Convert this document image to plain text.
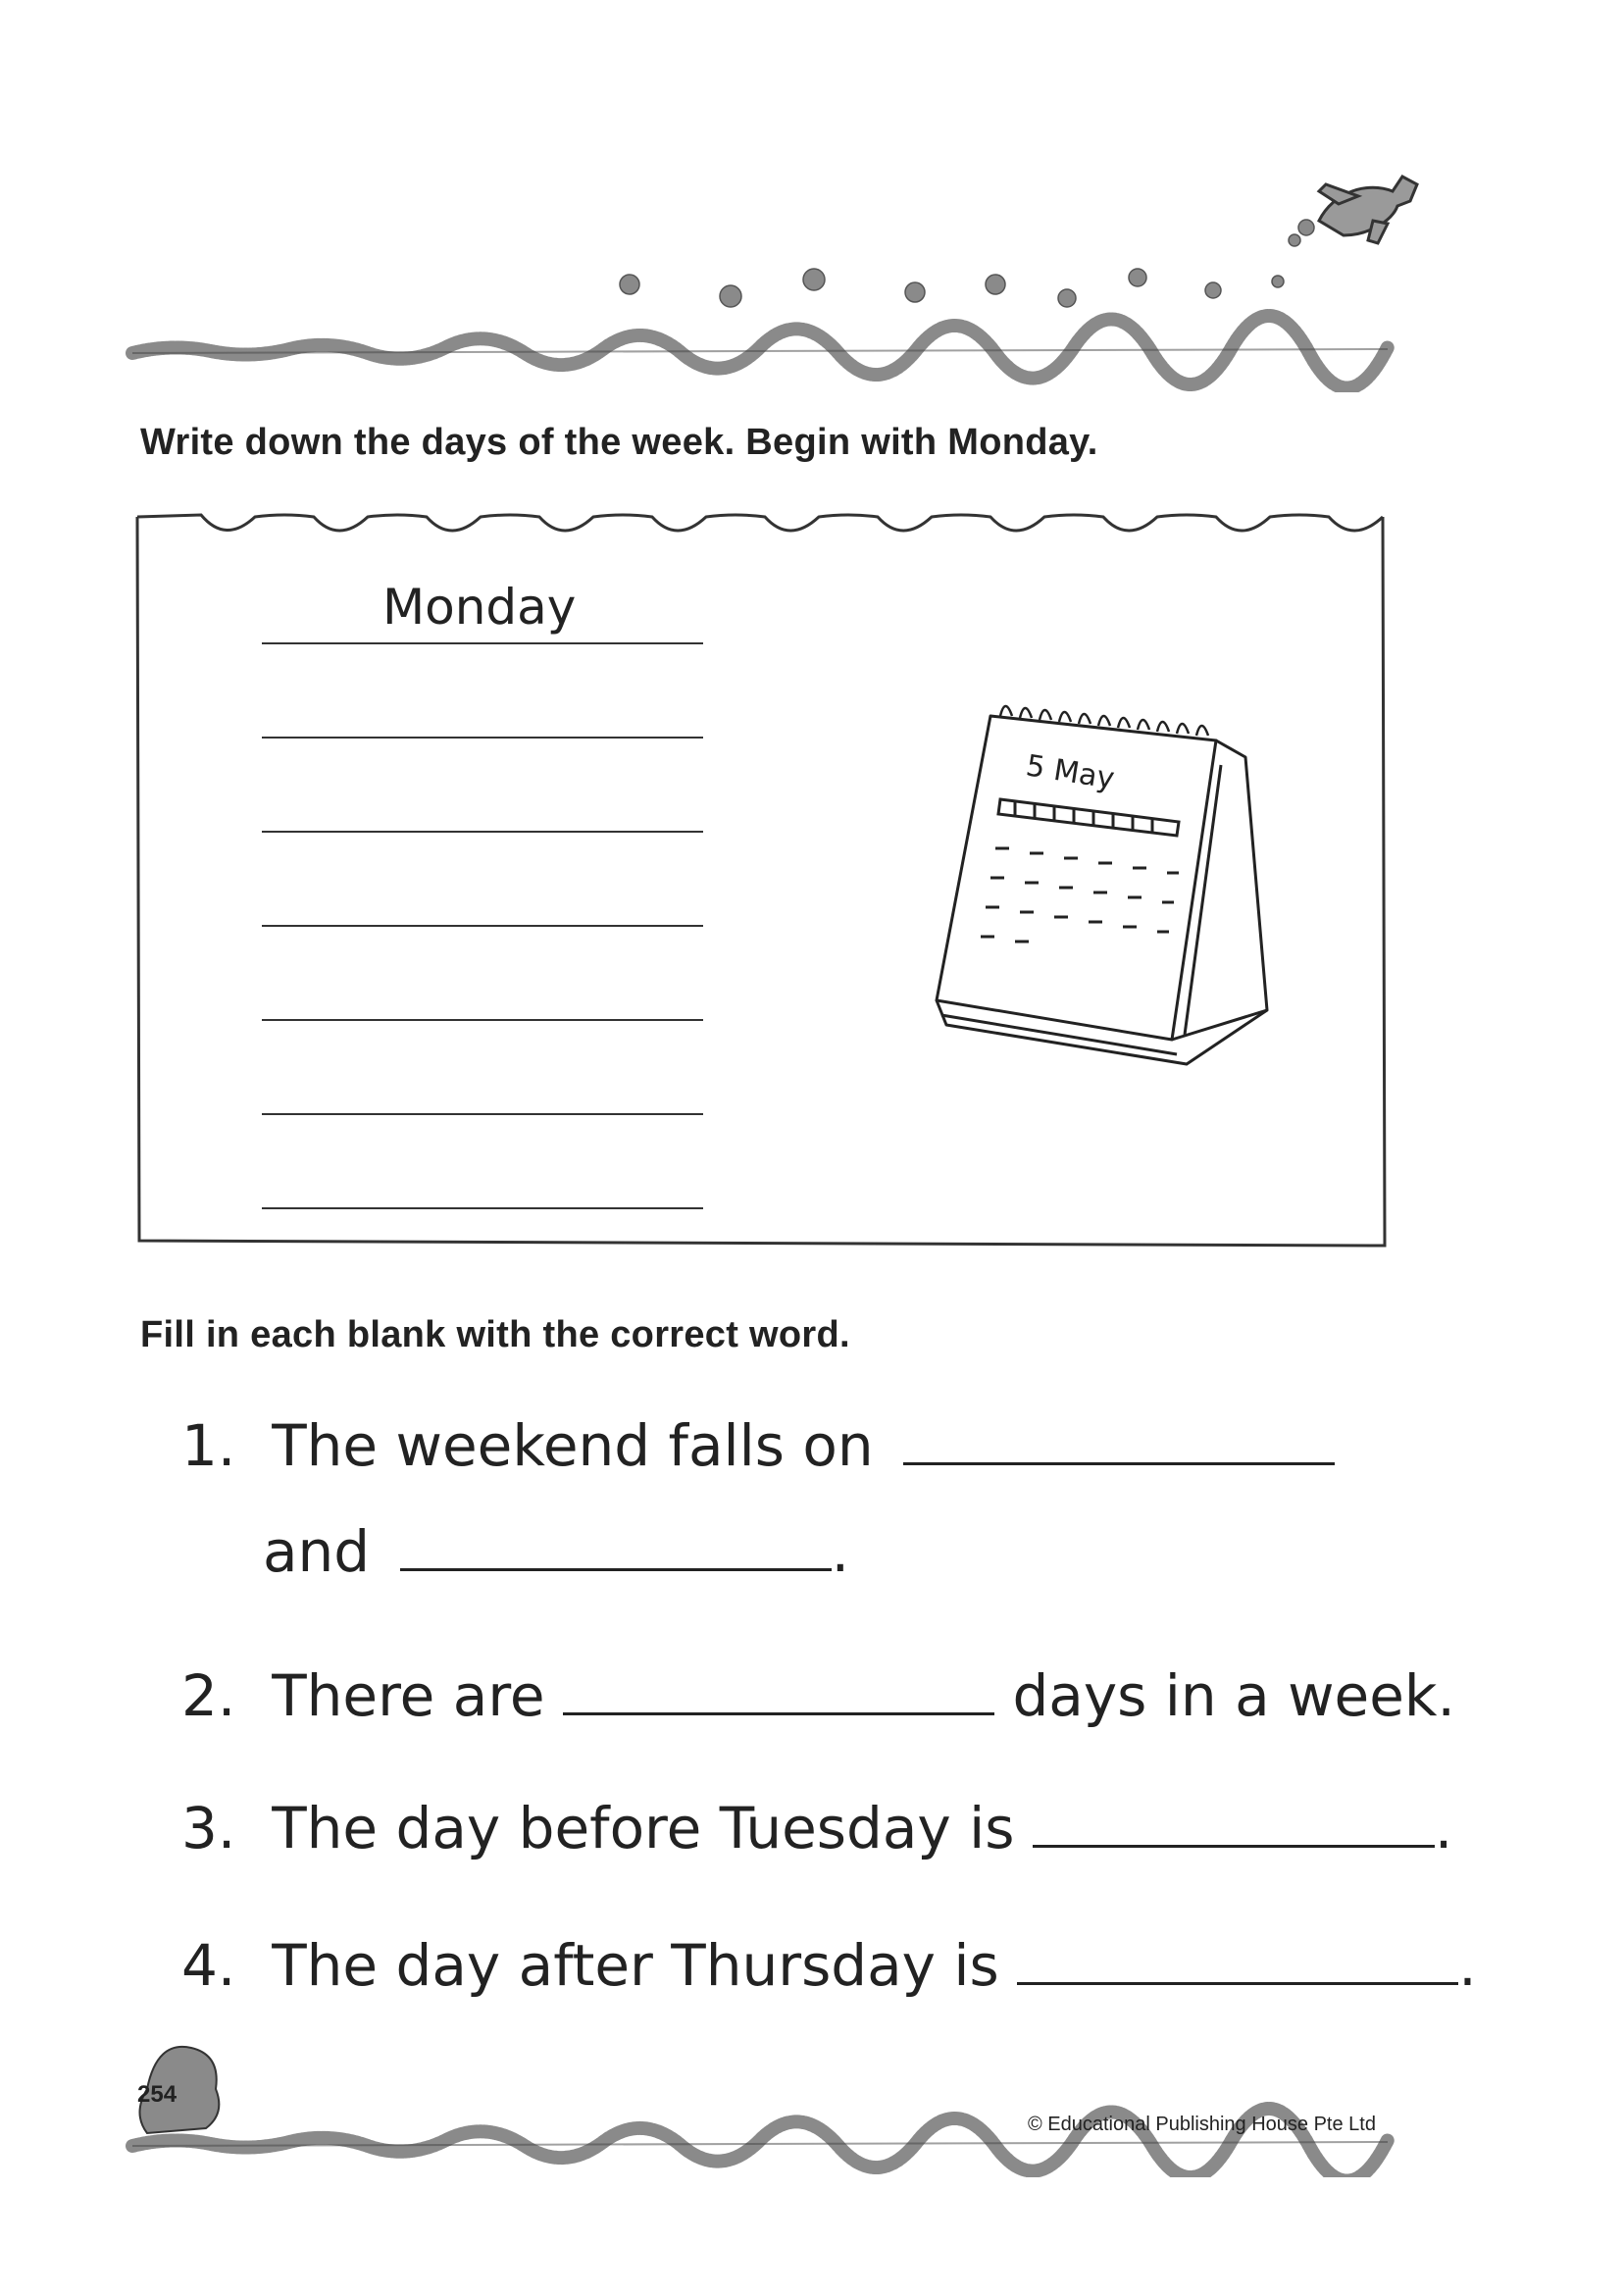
Write down the days of the week. Begin with Monday.
Monday
5 May
Fill in each blank with the correct word.
1. The weekend falls on
and	.
2. There are	days in a week.
3. The day before Tuesday is	.
4. The day after Thursday is	.
254
© Educational Publishing House Pte Ltd
